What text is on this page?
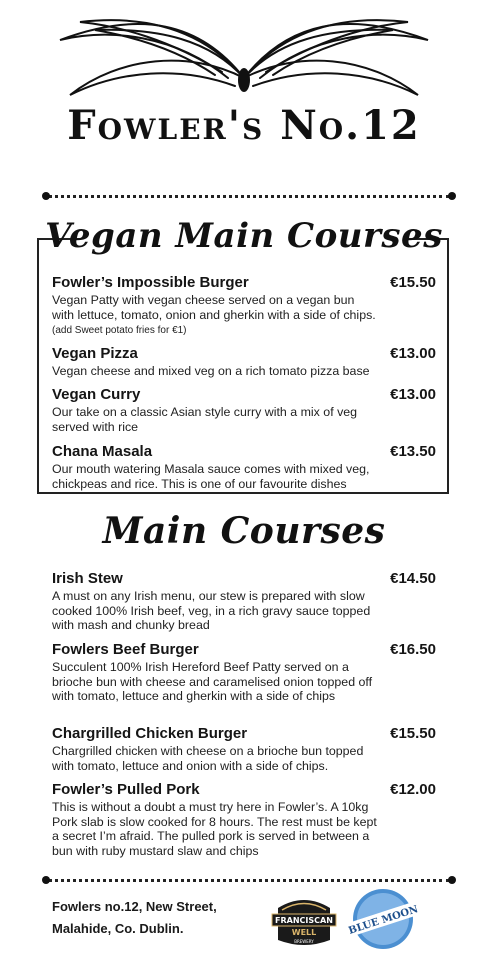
Fowler's No.12
Vegan Main Courses
Fowler’s Impossible Burger	€15.50
Vegan Patty with vegan cheese served on a vegan bun with lettuce, tomato, onion and gherkin with a side of chips. (add Sweet potato fries for €1)
Vegan Pizza	€13.00
Vegan cheese and mixed veg on a rich tomato pizza base
Vegan Curry	€13.00
Our take on a classic Asian style curry with a mix of veg served with rice
Chana Masala	€13.50
Our mouth watering Masala sauce comes with mixed veg, chickpeas and rice. This is one of our favourite dishes
Main Courses
Irish Stew	€14.50
A must on any Irish menu, our stew is prepared with slow cooked 100% Irish beef, veg, in a rich gravy sauce topped with mash and chunky bread
Fowlers Beef Burger	€16.50
Succulent 100% Irish Hereford Beef Patty served on a brioche bun with cheese and caramelised onion topped off with tomato, lettuce and gherkin with a side of chips
Chargrilled Chicken Burger	€15.50
Chargrilled chicken with cheese on a brioche bun topped with tomato, lettuce and onion with a side of chips.
Fowler’s Pulled Pork	€12.00
This is without a doubt a must try here in Fowler’s. A 10kg Pork slab is slow cooked for 8 hours. The rest must be kept a secret I’m afraid. The pulled pork is served in between a bun with ruby mustard slaw and chips
Fowlers no.12, New Street,
Malahide, Co. Dublin.
FRANCISCAN
WELL
BREWERY
BLUE MOON
